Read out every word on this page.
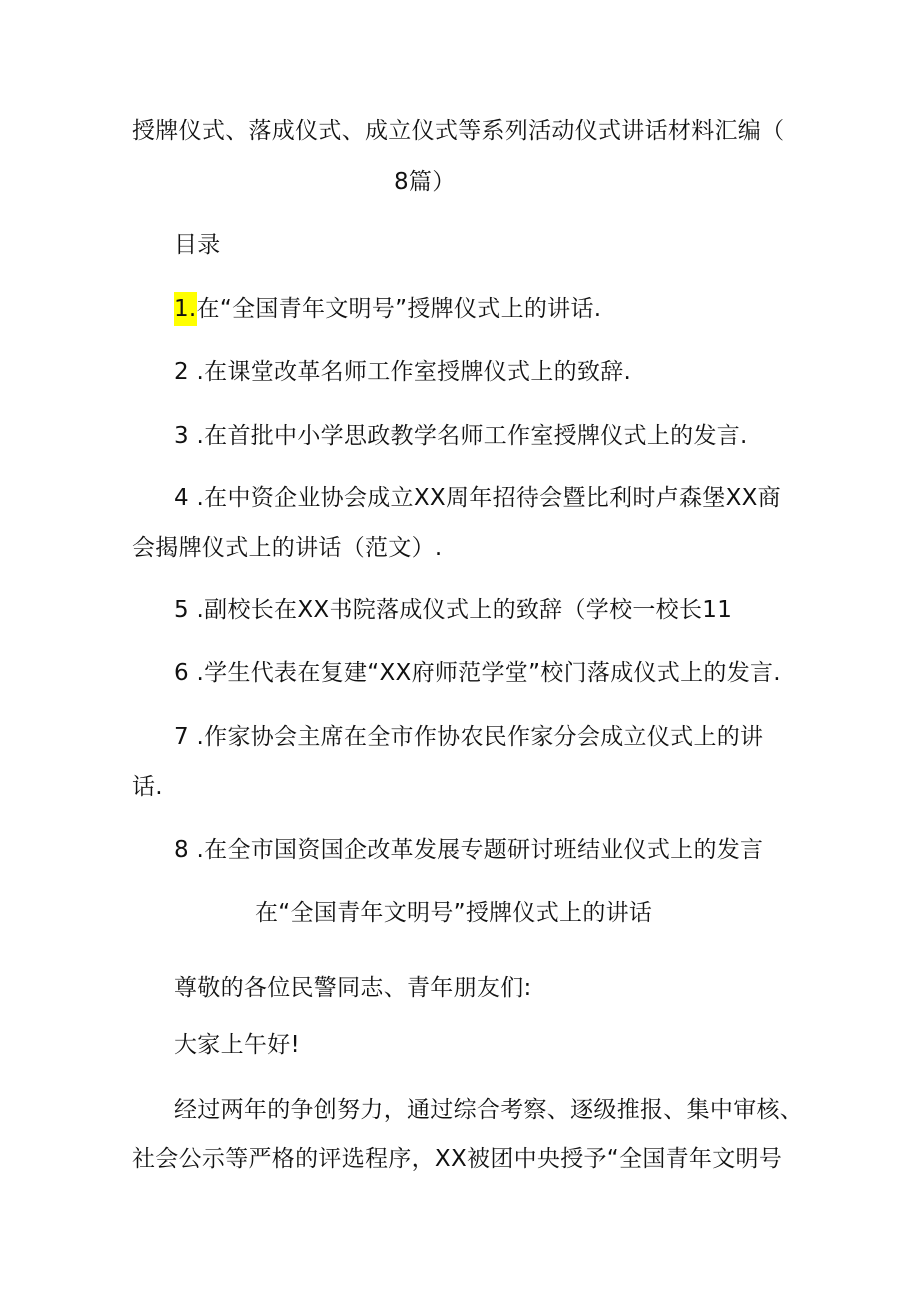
授牌仪式、落成仪式、成立仪式等系列活动仪式讲话材料汇编（
8篇）
目录
1.在“全国青年文明号”授牌仪式上的讲话.
2 .在课堂改革名师工作室授牌仪式上的致辞.
3 .在首批中小学思政教学名师工作室授牌仪式上的发言.
4 .在中资企业协会成立XX周年招待会暨比利时卢森堡XX商
会揭牌仪式上的讲话（范文）.
5 .副校长在XX书院落成仪式上的致辞（学校一校长11
6 .学生代表在复建“XX府师范学堂”校门落成仪式上的发言.
7 .作家协会主席在全市作协农民作家分会成立仪式上的讲
话.
8 .在全市国资国企改革发展专题研讨班结业仪式上的发言
在“全国青年文明号”授牌仪式上的讲话
尊敬的各位民警同志、青年朋友们:
大家上午好!
经过两年的争创努力，通过综合考察、逐级推报、集中审核、
社会公示等严格的评选程序，XX被团中央授予“全国青年文明号
